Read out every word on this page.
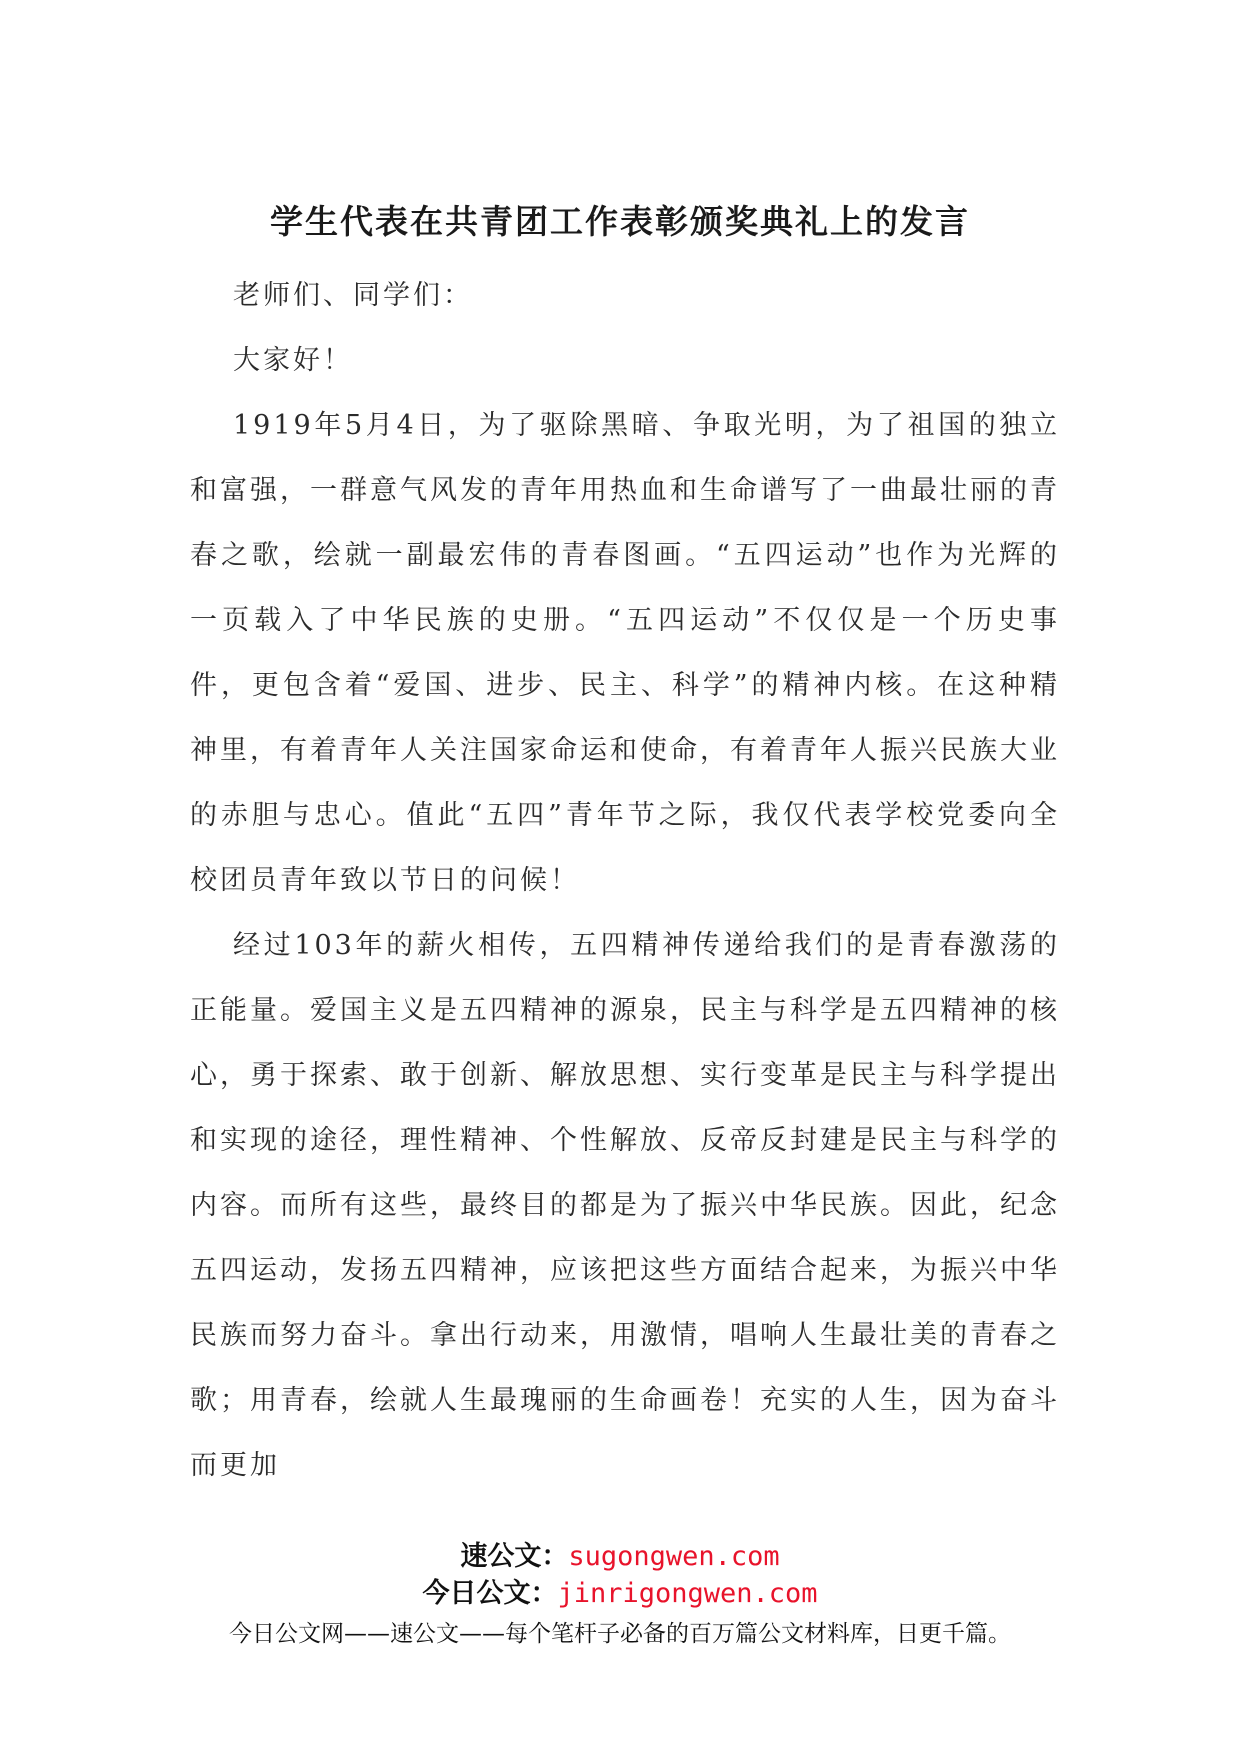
学生代表在共青团工作表彰颁奖典礼上的发言

老师们、同学们：

大家好！

1919年5月4日，为了驱除黑暗、争取光明，为了祖国的独立和富强，一群意气风发的青年用热血和生命谱写了一曲最壮丽的青春之歌，绘就一副最宏伟的青春图画。“五四运动”也作为光辉的一页载入了中华民族的史册。“五四运动”不仅仅是一个历史事件，更包含着“爱国、进步、民主、科学”的精神内核。在这种精神里，有着青年人关注国家命运和使命，有着青年人振兴民族大业的赤胆与忠心。值此“五四”青年节之际，我仅代表学校党委向全校团员青年致以节日的问候！

经过103年的薪火相传，五四精神传递给我们的是青春激荡的正能量。爱国主义是五四精神的源泉，民主与科学是五四精神的核心，勇于探索、敢于创新、解放思想、实行变革是民主与科学提出和实现的途径，理性精神、个性解放、反帝反封建是民主与科学的内容。而所有这些，最终目的都是为了振兴中华民族。因此，纪念五四运动，发扬五四精神，应该把这些方面结合起来，为振兴中华民族而努力奋斗。拿出行动来，用激情，唱响人生最壮美的青春之歌；用青春，绘就人生最瑰丽的生命画卷！充实的人生，因为奋斗而更加

速公文：sugongwen.com
今日公文：jinrigongwen.com
今日公文网——速公文——每个笔杆子必备的百万篇公文材料库，日更千篇。
